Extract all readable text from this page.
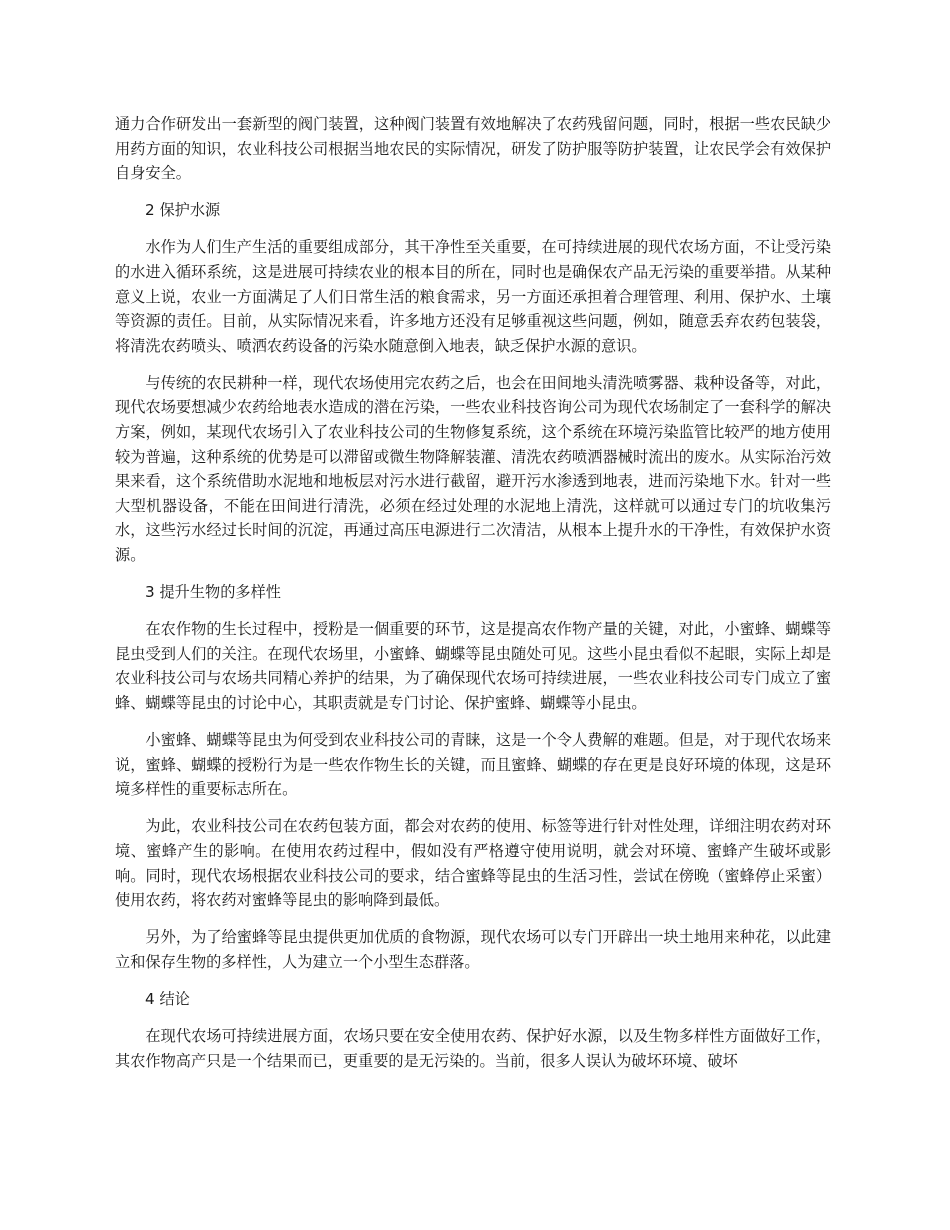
通力合作研发出一套新型的阀门装置，这种阀门装置有效地解决了农药残留问题，同时，根据一些农民缺少用药方面的知识，农业科技公司根据当地农民的实际情况，研发了防护服等防护装置，让农民学会有效保护自身安全。

2 保护水源

水作为人们生产生活的重要组成部分，其干净性至关重要，在可持续进展的现代农场方面，不让受污染的水进入循环系统，这是进展可持续农业的根本目的所在，同时也是确保农产品无污染的重要举措。从某种意义上说，农业一方面满足了人们日常生活的粮食需求，另一方面还承担着合理管理、利用、保护水、土壤等资源的责任。目前，从实际情况来看，许多地方还没有足够重视这些问题，例如，随意丢弃农药包装袋，将清洗农药喷头、喷洒农药设备的污染水随意倒入地表，缺乏保护水源的意识。

与传统的农民耕种一样，现代农场使用完农药之后，也会在田间地头清洗喷雾器、栽种设备等，对此，现代农场要想减少农药给地表水造成的潜在污染，一些农业科技咨询公司为现代农场制定了一套科学的解决方案，例如，某现代农场引入了农业科技公司的生物修复系统，这个系统在环境污染监管比较严的地方使用较为普遍，这种系统的优势是可以滞留或微生物降解装灌、清洗农药喷洒器械时流出的废水。从实际治污效果来看，这个系统借助水泥地和地板层对污水进行截留，避开污水渗透到地表，进而污染地下水。针对一些大型机器设备，不能在田间进行清洗，必须在经过处理的水泥地上清洗，这样就可以通过专门的坑收集污水，这些污水经过长时间的沉淀，再通过高压电源进行二次清洁，从根本上提升水的干净性，有效保护水资源。

3 提升生物的多样性

在农作物的生长过程中，授粉是一個重要的环节，这是提高农作物产量的关键，对此，小蜜蜂、蝴蝶等昆虫受到人们的关注。在现代农场里，小蜜蜂、蝴蝶等昆虫随处可见。这些小昆虫看似不起眼，实际上却是农业科技公司与农场共同精心养护的结果，为了确保现代农场可持续进展，一些农业科技公司专门成立了蜜蜂、蝴蝶等昆虫的讨论中心，其职责就是专门讨论、保护蜜蜂、蝴蝶等小昆虫。

小蜜蜂、蝴蝶等昆虫为何受到农业科技公司的青睐，这是一个令人费解的难题。但是，对于现代农场来说，蜜蜂、蝴蝶的授粉行为是一些农作物生长的关键，而且蜜蜂、蝴蝶的存在更是良好环境的体现，这是环境多样性的重要标志所在。

为此，农业科技公司在农药包装方面，都会对农药的使用、标签等进行针对性处理，详细注明农药对环境、蜜蜂产生的影响。在使用农药过程中，假如没有严格遵守使用说明，就会对环境、蜜蜂产生破坏或影响。同时，现代农场根据农业科技公司的要求，结合蜜蜂等昆虫的生活习性，尝试在傍晚（蜜蜂停止采蜜）使用农药，将农药对蜜蜂等昆虫的影响降到最低。

另外，为了给蜜蜂等昆虫提供更加优质的食物源，现代农场可以专门开辟出一块土地用来种花，以此建立和保存生物的多样性，人为建立一个小型生态群落。

4 结论

在现代农场可持续进展方面，农场只要在安全使用农药、保护好水源，以及生物多样性方面做好工作，其农作物高产只是一个结果而已，更重要的是无污染的。当前，很多人误认为破坏环境、破坏
